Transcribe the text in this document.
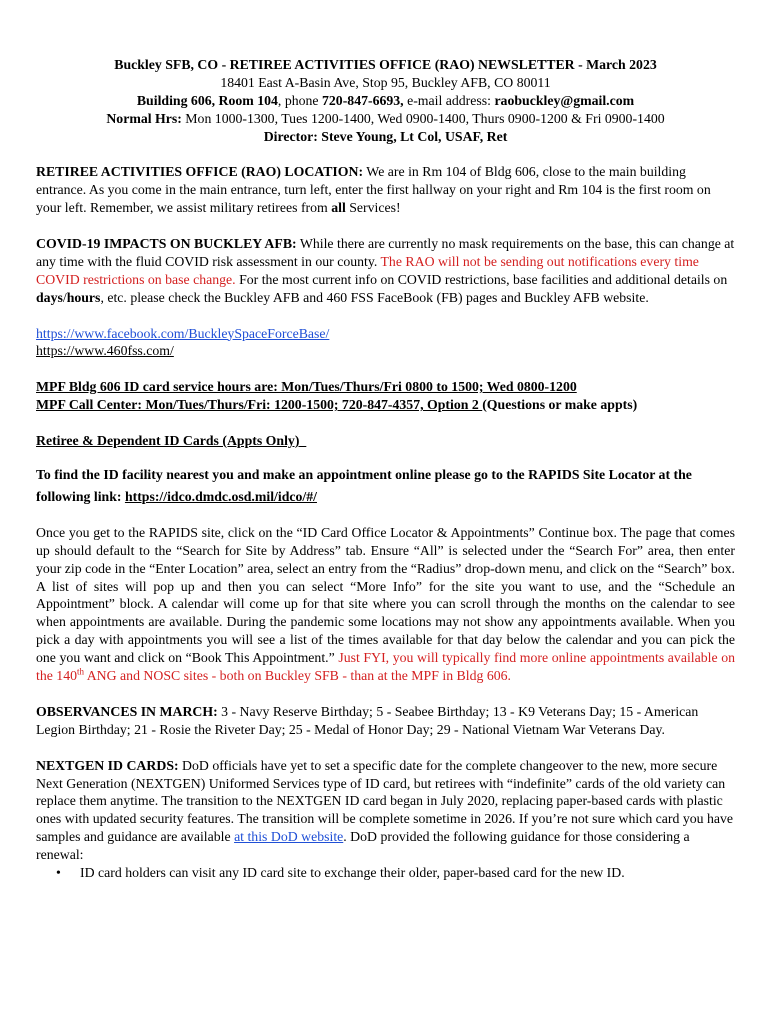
Buckley SFB, CO - RETIREE ACTIVITIES OFFICE (RAO) NEWSLETTER - March 2023
18401 East A-Basin Ave, Stop 95, Buckley AFB, CO 80011
Building 606, Room 104, phone 720-847-6693, e-mail address: raobuckley@gmail.com
Normal Hrs: Mon 1000-1300, Tues 1200-1400, Wed 0900-1400, Thurs 0900-1200 & Fri 0900-1400
Director: Steve Young, Lt Col, USAF, Ret

RETIREE ACTIVITIES OFFICE (RAO) LOCATION: We are in Rm 104 of Bldg 606, close to the main building entrance. As you come in the main entrance, turn left, enter the first hallway on your right and Rm 104 is the first room on your left. Remember, we assist military retirees from all Services!

COVID-19 IMPACTS ON BUCKLEY AFB: While there are currently no mask requirements on the base, this can change at any time with the fluid COVID risk assessment in our county. The RAO will not be sending out notifications every time COVID restrictions on base change. For the most current info on COVID restrictions, base facilities and additional details on days/hours, etc. please check the Buckley AFB and 460 FSS FaceBook (FB) pages and Buckley AFB website.

https://www.facebook.com/BuckleySpaceForceBase/
https://www.460fss.com/
MPF Bldg 606 ID card service hours are: Mon/Tues/Thurs/Fri 0800 to 1500; Wed 0800-1200
MPF Call Center: Mon/Tues/Thurs/Fri: 1200-1500; 720-847-4357, Option 2 (Questions or make appts)
Retiree & Dependent ID Cards (Appts Only)

To find the ID facility nearest you and make an appointment online please go to the RAPIDS Site Locator at the following link: https://idco.dmdc.osd.mil/idco/#/

Once you get to the RAPIDS site, click on the “ID Card Office Locator & Appointments” Continue box. The page that comes up should default to the “Search for Site by Address” tab. Ensure “All” is selected under the “Search For” area, then enter your zip code in the “Enter Location” area, select an entry from the “Radius” drop-down menu, and click on the “Search” box. A list of sites will pop up and then you can select “More Info” for the site you want to use, and the “Schedule an Appointment” block. A calendar will come up for that site where you can scroll through the months on the calendar to see when appointments are available. During the pandemic some locations may not show any appointments available. When you pick a day with appointments you will see a list of the times available for that day below the calendar and you can pick the one you want and click on “Book This Appointment.” Just FYI, you will typically find more online appointments available on the 140th ANG and NOSC sites - both on Buckley SFB - than at the MPF in Bldg 606.

OBSERVANCES IN MARCH: 3 - Navy Reserve Birthday; 5 - Seabee Birthday; 13 - K9 Veterans Day; 15 - American Legion Birthday; 21 - Rosie the Riveter Day; 25 - Medal of Honor Day; 29 - National Vietnam War Veterans Day.

NEXTGEN ID CARDS: DoD officials have yet to set a specific date for the complete changeover to the new, more secure Next Generation (NEXTGEN) Uniformed Services type of ID card, but retirees with “indefinite” cards of the old variety can replace them anytime. The transition to the NEXTGEN ID card began in July 2020, replacing paper-based cards with plastic ones with updated security features. The transition will be complete sometime in 2026. If you’re not sure which card you have samples and guidance are available at this DoD website. DoD provided the following guidance for those considering a renewal:

•	ID card holders can visit any ID card site to exchange their older, paper-based card for the new ID.
